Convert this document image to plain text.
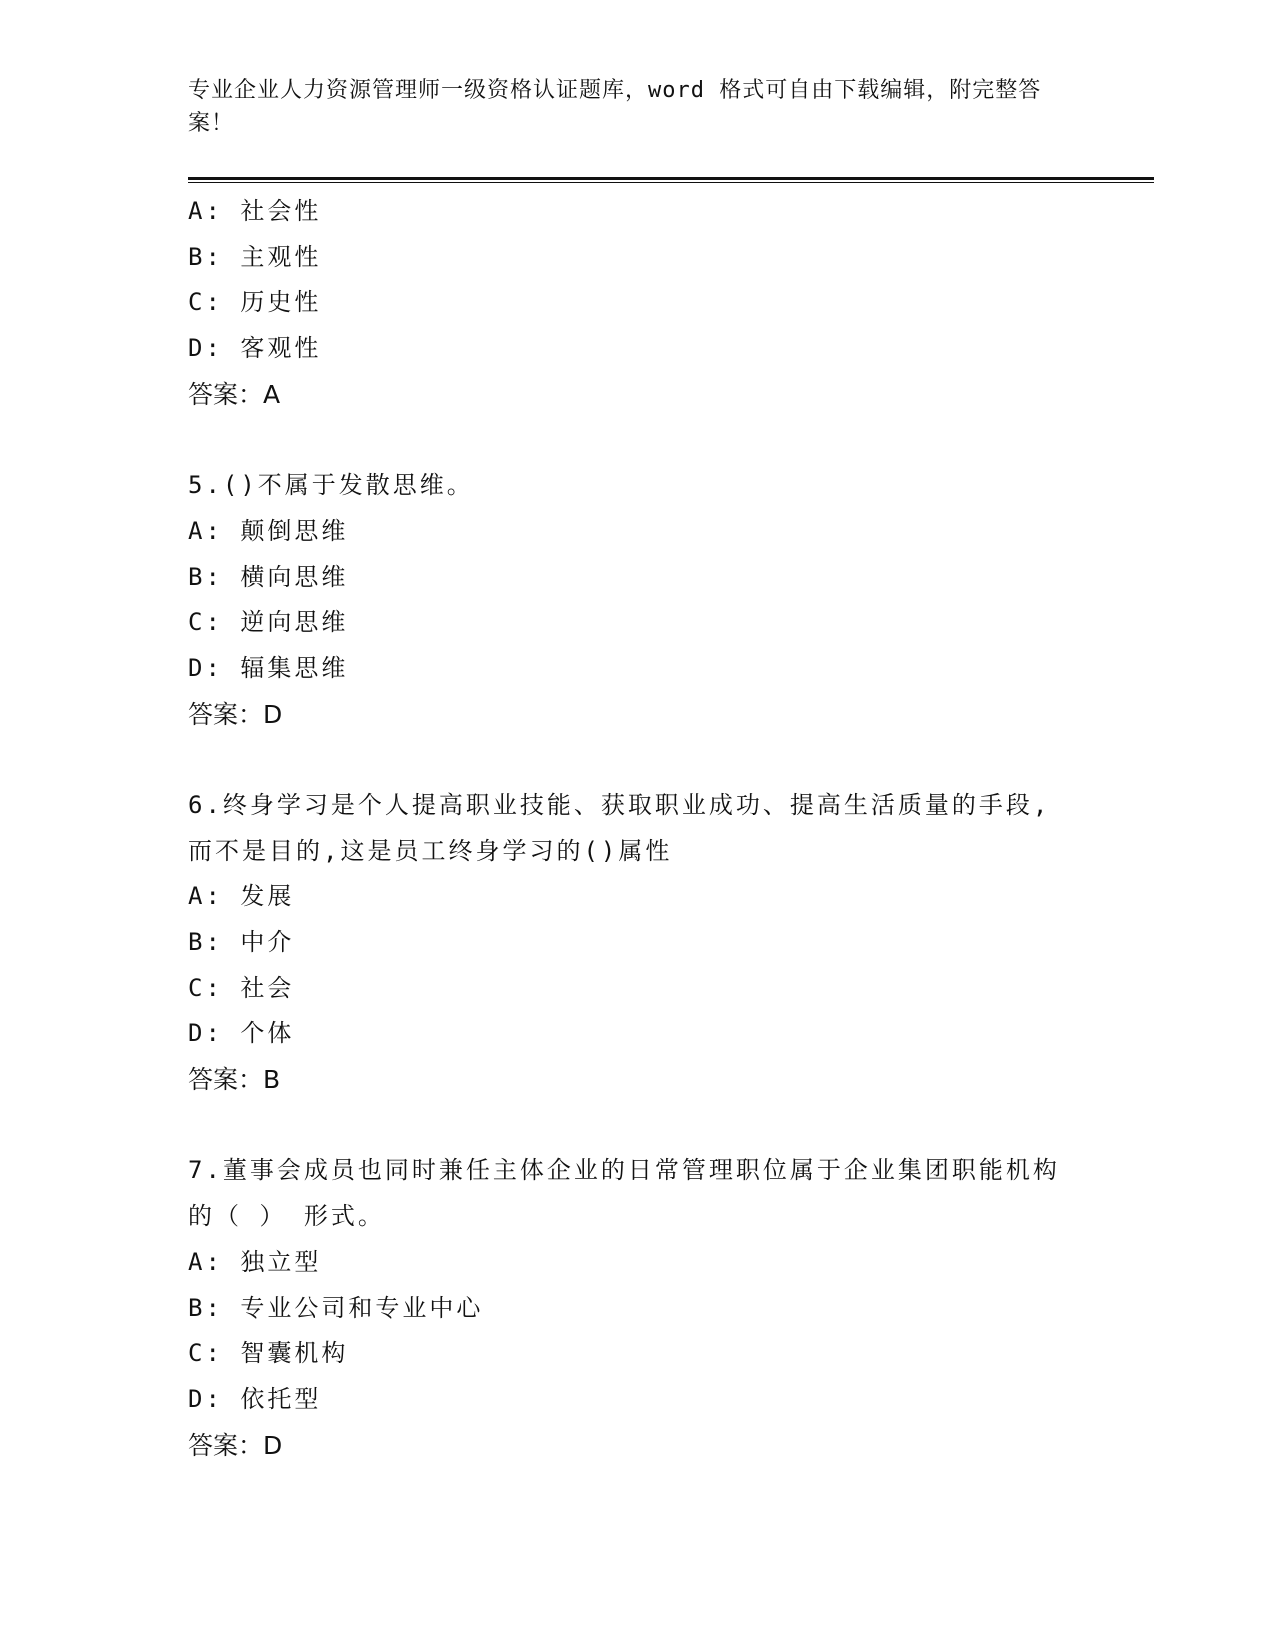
专业企业人力资源管理师一级资格认证题库，word 格式可自由下载编辑，附完整答案！
A: 社会性
B: 主观性
C: 历史性
D: 客观性
答案：A
5.()不属于发散思维。
A: 颠倒思维
B: 横向思维
C: 逆向思维
D: 辐集思维
答案：D
6.终身学习是个人提高职业技能、获取职业成功、提高生活质量的手段,而不是目的,这是员工终身学习的()属性
A: 发展
B: 中介
C: 社会
D: 个体
答案：B
7.董事会成员也同时兼任主体企业的日常管理职位属于企业集团职能机构的（ ） 形式。
A: 独立型
B: 专业公司和专业中心
C: 智囊机构
D: 依托型
答案：D
